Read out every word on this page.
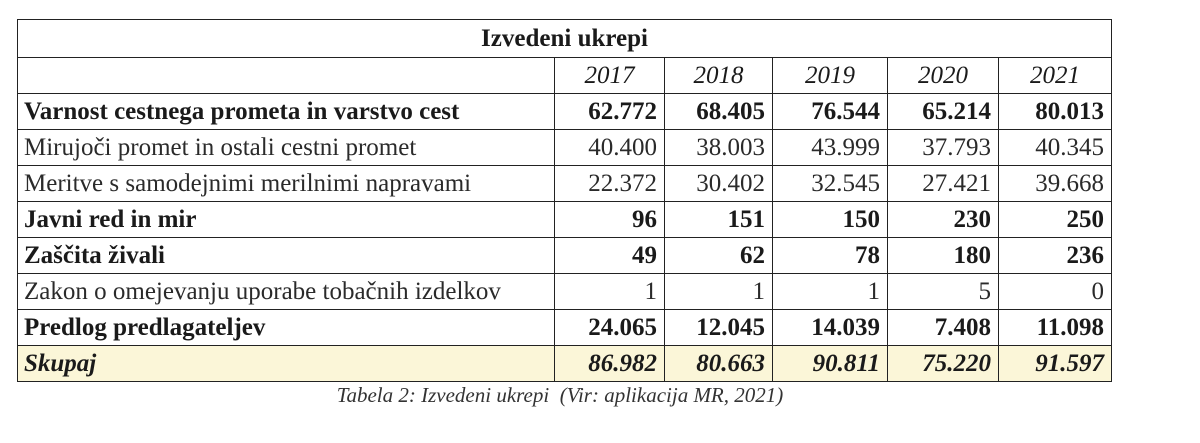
Izvedeni ukrepi					
	2017	2018	2019	2020	2021
Varnost cestnega prometa in varstvo cest	62.772	68.405	76.544	65.214	80.013
Mirujoči promet in ostali cestni promet	40.400	38.003	43.999	37.793	40.345
Meritve s samodejnimi merilnimi napravami	22.372	30.402	32.545	27.421	39.668
Javni red in mir	96	151	150	230	250
Zaščita živali	49	62	78	180	236
Zakon o omejevanju uporabe tobačnih izdelkov	1	1	1	5	0
Predlog predlagateljev	24.065	12.045	14.039	7.408	11.098
Skupaj	86.982	80.663	90.811	75.220	91.597
Tabela 2: Izvedeni ukrepi  (Vir: aplikacija MR, 2021)
